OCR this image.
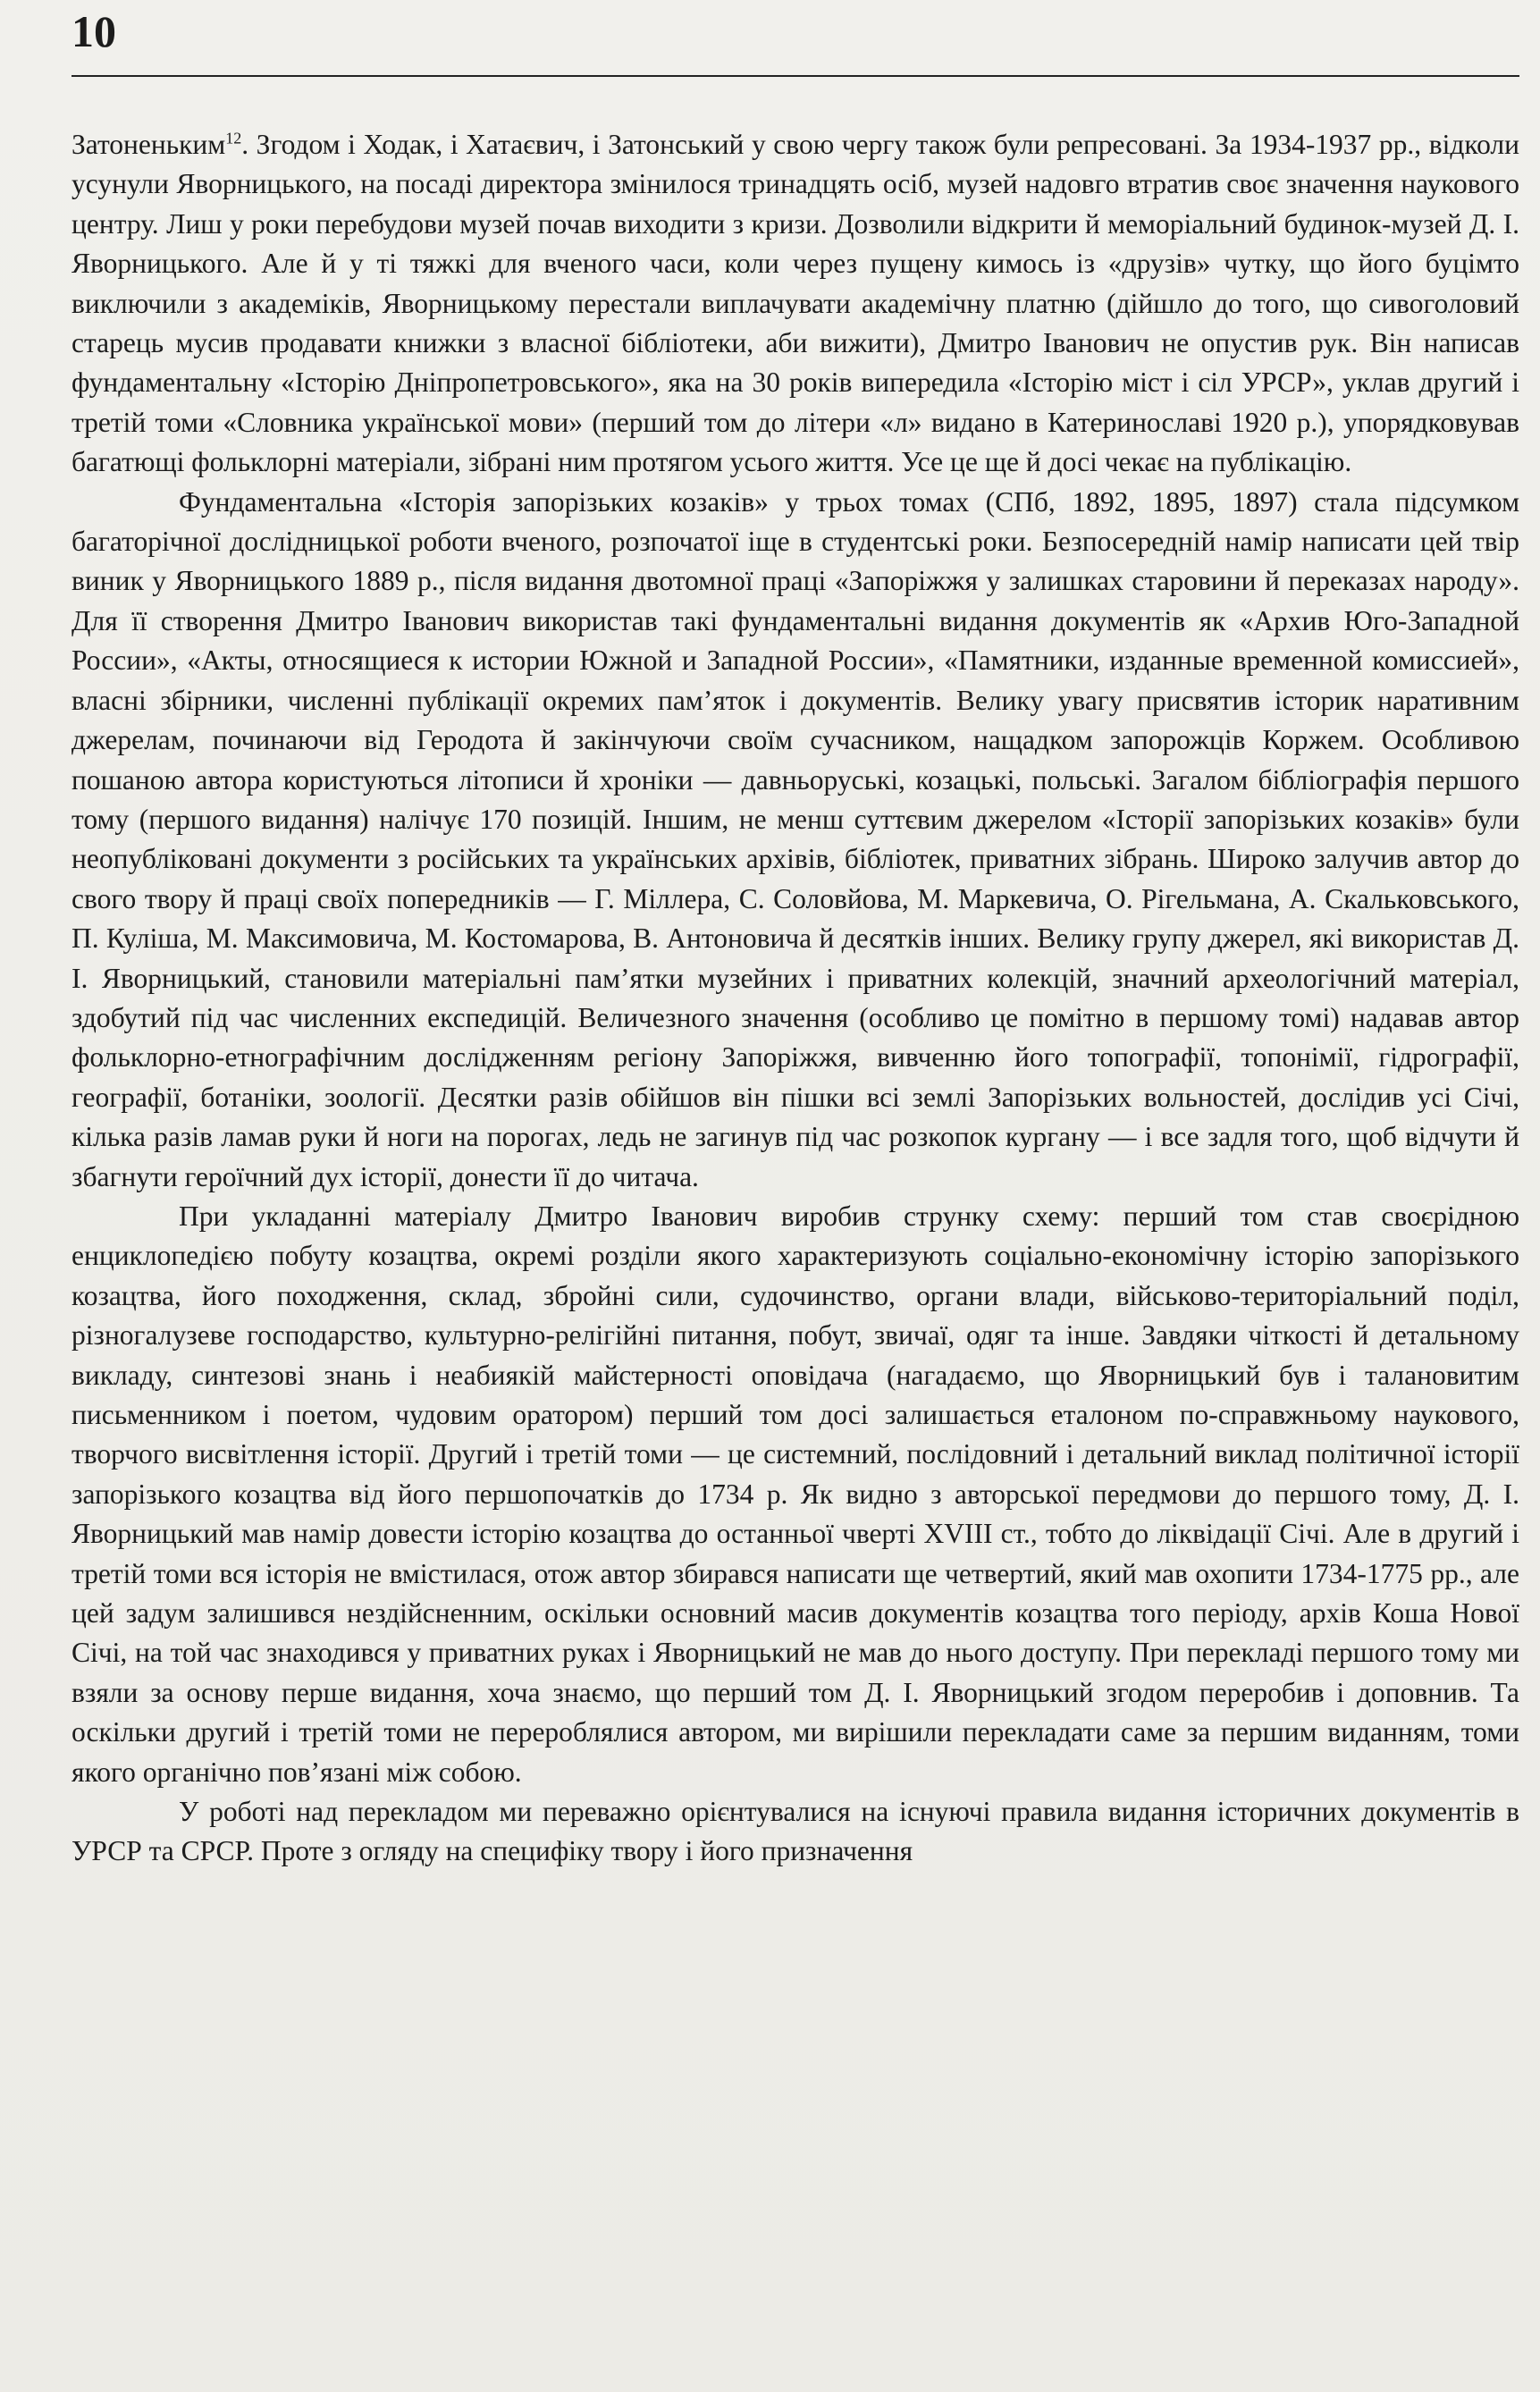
10

Затоненьким$^{12}$. Згодом і Ходак, і Хатаєвич, і Затонський у свою чергу також були репресовані. За 1934-1937 рр., відколи усунули Яворницького, на посаді директора змінилося тринадцять осіб, музей надовго втратив своє значення наукового центру. Лиш у роки перебудови музей почав виходити з кризи. Дозволили відкрити й меморіальний будинок-музей Д. І. Яворницького. Але й у ті тяжкі для вченого часи, коли через пущену кимось із «друзів» чутку, що його буцімто виключили з академіків, Яворницькому перестали виплачувати академічну платню (дійшло до того, що сивоголовий старець мусив продавати книжки з власної бібліотеки, аби вижити), Дмитро Іванович не опустив рук. Він написав фундаментальну «Історію Дніпропетровського», яка на 30 років випередила «Історію міст і сіл УРСР», уклав другий і третій томи «Словника української мови» (перший том до літери «л» видано в Катеринославі 1920 р.), упорядковував багатющі фольклорні матеріали, зібрані ним протягом усього життя. Усе це ще й досі чекає на публікацію.

Фундаментальна «Історія запорізьких козаків» у трьох томах (СПб, 1892, 1895, 1897) стала підсумком багаторічної дослідницької роботи вченого, розпочатої іще в студентські роки. Безпосередній намір написати цей твір виник у Яворницького 1889 р., після видання двотомної праці «Запоріжжя у залишках старовини й переказах народу». Для її створення Дмитро Іванович використав такі фундаментальні видання документів як «Архив Юго-Западной России», «Акты, относящиеся к истории Южной и Западной России», «Памятники, изданные временной комиссией», власні збірники, численні публікації окремих пам’яток і документів. Велику увагу присвятив історик наративним джерелам, починаючи від Геродота й закінчуючи своїм сучасником, нащадком запорожців Коржем. Особливою пошаною автора користуються літописи й хроніки — давньоруські, козацькі, польські. Загалом бібліографія першого тому (першого видання) налічує 170 позицій. Іншим, не менш суттєвим джерелом «Історії запорізьких козаків» були неопубліковані документи з російських та українських архівів, бібліотек, приватних зібрань. Широко залучив автор до свого твору й праці своїх попередників — Г. Міллера, С. Соловйова, М. Маркевича, О. Рігельмана, А. Скальковського, П. Куліша, М. Максимовича, М. Костомарова, В. Антоновича й десятків інших. Велику групу джерел, які використав Д. І. Яворницький, становили матеріальні пам’ятки музейних і приватних колекцій, значний археологічний матеріал, здобутий під час численних експедицій. Величезного значення (особливо це помітно в першому томі) надавав автор фольклорно-етнографічним дослідженням регіону Запоріжжя, вивченню його топографії, топонімії, гідрографії, географії, ботаніки, зоології. Десятки разів обійшов він пішки всі землі Запорізьких вольностей, дослідив усі Січі, кілька разів ламав руки й ноги на порогах, ледь не загинув під час розкопок кургану — і все задля того, щоб відчути й збагнути героїчний дух історії, донести її до читача.

При укладанні матеріалу Дмитро Іванович виробив струнку схему: перший том став своєрідною енциклопедією побуту козацтва, окремі розділи якого характеризують соціально-економічну історію запорізького козацтва, його походження, склад, збройні сили, судочинство, органи влади, військово-територіальний поділ, різногалузеве господарство, культурно-релігійні питання, побут, звичаї, одяг та інше. Завдяки чіткості й детальному викладу, синтезові знань і неабиякій майстерності оповідача (нагадаємо, що Яворницький був і талановитим письменником і поетом, чудовим оратором) перший том досі залишається еталоном по-справжньому наукового, творчого висвітлення історії. Другий і третій томи — це системний, послідовний і детальний виклад політичної історії запорізького козацтва від його першопочатків до 1734 р. Як видно з авторської передмови до першого тому, Д. І. Яворницький мав намір довести історію козацтва до останньої чверті XVIII ст., тобто до ліквідації Січі. Але в другий і третій томи вся історія не вмістилася, отож автор збирався написати ще четвертий, який мав охопити 1734-1775 рр., але цей задум залишився нездійсненним, оскільки основний масив документів козацтва того періоду, архів Коша Нової Січі, на той час знаходився у приватних руках і Яворницький не мав до нього доступу. При перекладі першого тому ми взяли за основу перше видання, хоча знаємо, що перший том Д. І. Яворницький згодом переробив і доповнив. Та оскільки другий і третій томи не перероблялися автором, ми вирішили перекладати саме за першим виданням, томи якого органічно пов’язані між собою.

У роботі над перекладом ми переважно орієнтувалися на існуючі правила видання історичних документів в УРСР та СРСР. Проте з огляду на специфіку твору і його призначення
